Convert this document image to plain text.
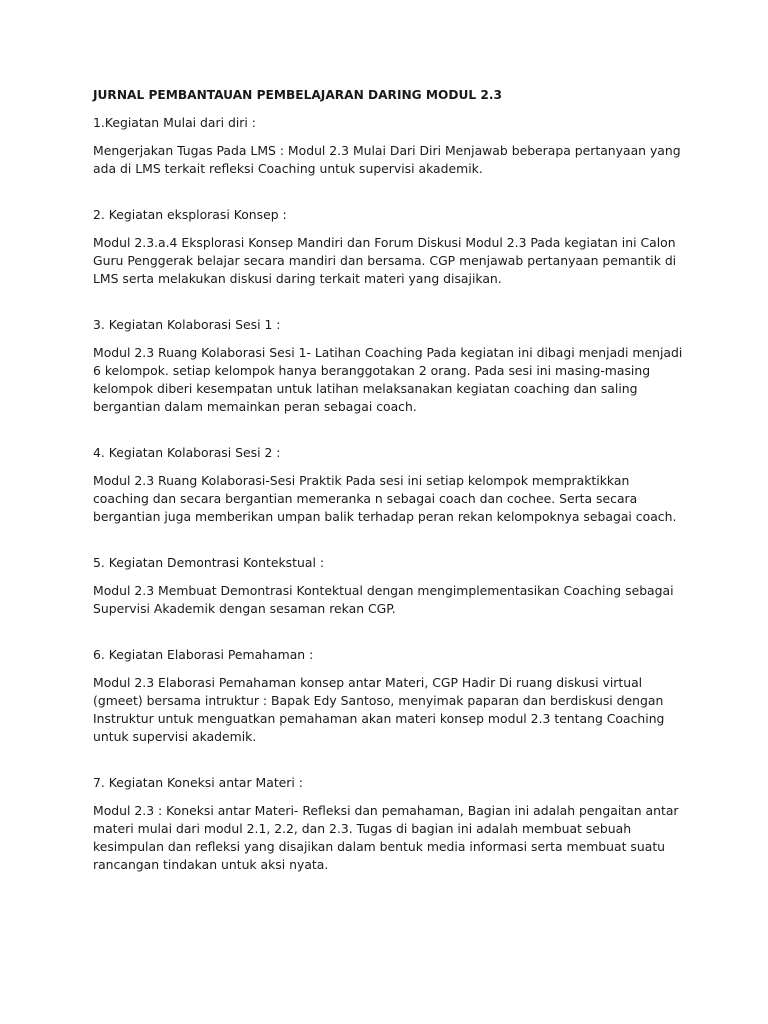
JURNAL PEMBANTAUAN PEMBELAJARAN DARING MODUL 2.3

1.Kegiatan Mulai dari diri :

Mengerjakan Tugas Pada LMS : Modul 2.3 Mulai Dari Diri Menjawab beberapa pertanyaan yang ada di LMS terkait refleksi Coaching untuk supervisi akademik.

2. Kegiatan eksplorasi Konsep :

Modul 2.3.a.4 Eksplorasi Konsep Mandiri dan Forum Diskusi Modul 2.3 Pada kegiatan ini Calon Guru Penggerak belajar secara mandiri dan bersama. CGP menjawab pertanyaan pemantik di LMS serta melakukan diskusi daring terkait materi yang disajikan.

3. Kegiatan Kolaborasi Sesi 1 :

Modul 2.3 Ruang Kolaborasi Sesi 1- Latihan Coaching Pada kegiatan ini dibagi menjadi menjadi 6 kelompok. setiap kelompok hanya beranggotakan 2 orang. Pada sesi ini masing-masing kelompok diberi kesempatan untuk latihan melaksanakan kegiatan coaching dan saling bergantian dalam memainkan peran sebagai coach.

4. Kegiatan Kolaborasi Sesi 2 :

Modul 2.3 Ruang Kolaborasi-Sesi Praktik Pada sesi ini setiap kelompok mempraktikkan coaching dan secara bergantian memeranka n sebagai coach dan cochee. Serta secara bergantian juga memberikan umpan balik terhadap peran rekan kelompoknya sebagai coach.

5. Kegiatan Demontrasi Kontekstual :

Modul 2.3 Membuat Demontrasi Kontektual dengan mengimplementasikan Coaching sebagai Supervisi Akademik dengan sesaman rekan CGP.

6. Kegiatan Elaborasi Pemahaman :

Modul 2.3 Elaborasi Pemahaman konsep antar Materi, CGP Hadir Di ruang diskusi virtual (gmeet) bersama intruktur : Bapak Edy Santoso, menyimak paparan dan berdiskusi dengan Instruktur untuk menguatkan pemahaman akan materi konsep modul 2.3 tentang Coaching untuk supervisi akademik.

7. Kegiatan Koneksi antar Materi :

Modul 2.3 : Koneksi antar Materi- Refleksi dan pemahaman, Bagian ini adalah pengaitan antar materi mulai dari modul 2.1, 2.2, dan 2.3. Tugas di bagian ini adalah membuat sebuah kesimpulan dan refleksi yang disajikan dalam bentuk media informasi serta membuat suatu rancangan tindakan untuk aksi nyata.
